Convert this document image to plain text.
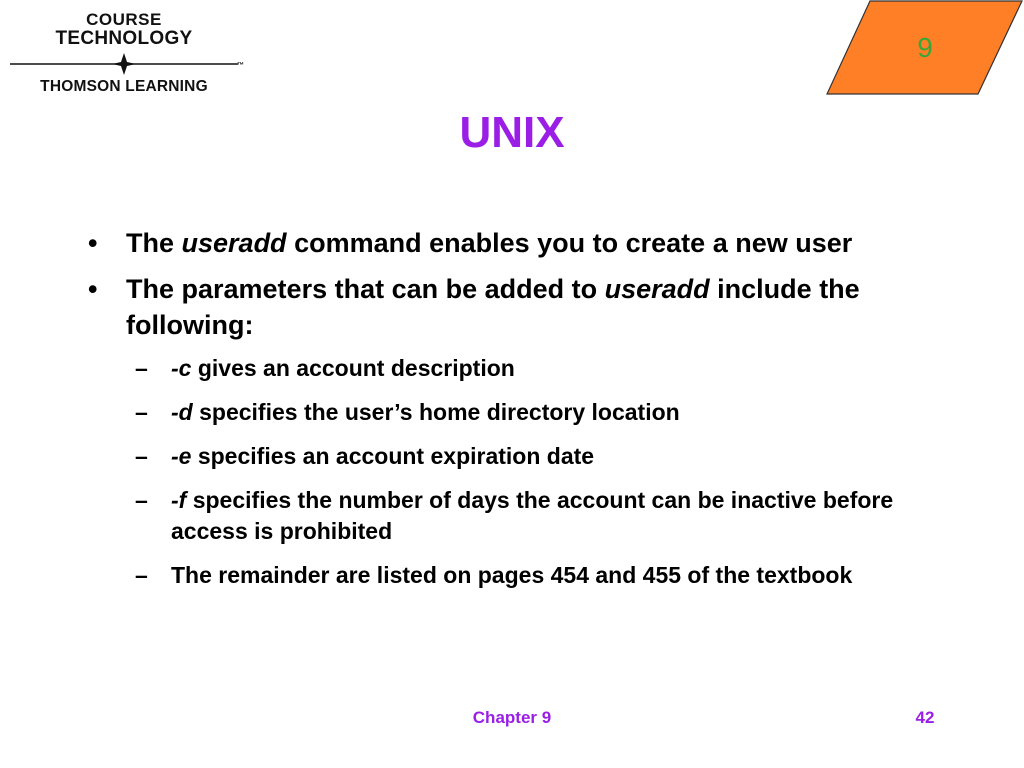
COURSE
TECHNOLOGY
™
THOMSON LEARNING
9
UNIX
• The useradd command enables you to create a new user
• The parameters that can be added to useradd include the following:
– -c gives an account description
– -d specifies the user’s home directory location
– -e specifies an account expiration date
– -f specifies the number of days the account can be inactive before access is prohibited
– The remainder are listed on pages 454 and 455 of the textbook
Chapter 9	42
